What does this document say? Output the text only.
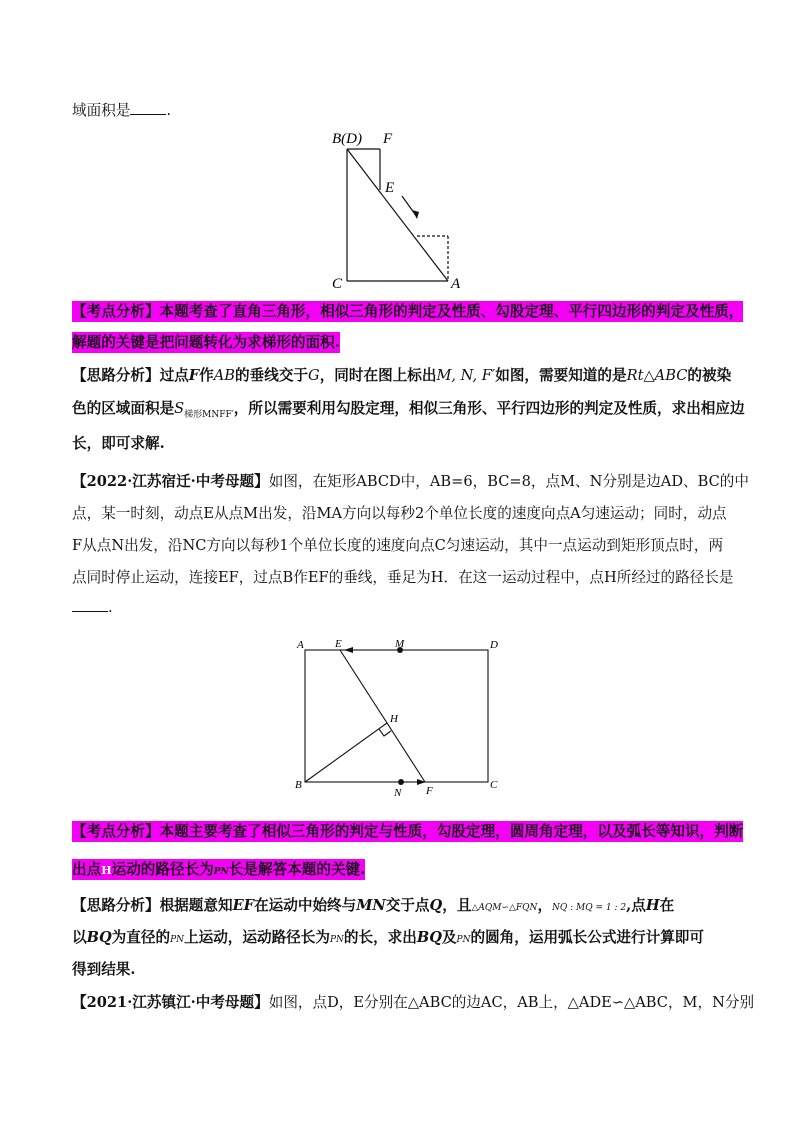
域面积是 .
B(D) F
E
C	A
【考点分析】本题考查了直角三角形，相似三角形的判定及性质、勾股定理、平行四边形的判定及性质，
解题的关键是把问题转化为求梯形的面积.
【思路分析】过点F作AB的垂线交于G，同时在图上标出M, N, F′如图，需要知道的是Rt△ABC的被染
色的区域面积是$S_{梯形MNFF'}$，所以需要利用勾股定理，相似三角形、平行四边形的判定及性质，求出相应边
长，即可求解.
【2022·江苏宿迁·中考母题】如图，在矩形ABCD中，AB=6，BC=8，点M、N分别是边AD、BC的中
点，某一时刻，动点E从点M出发，沿MA方向以每秒2个单位长度的速度向点A匀速运动；同时，动点
F从点N出发，沿NC方向以每秒1个单位长度的速度向点C匀速运动，其中一点运动到矩形顶点时，两
点同时停止运动，连接EF，过点B作EF的垂线，垂足为H．在这一运动过程中，点H所经过的路径长是
.
A	E	M	D
H
B
N F	C
【考点分析】本题主要考查了相似三角形的判定与性质，勾股定理，圆周角定理，以及弧长等知识，判断
出点H运动的路径长为PN长是解答本题的关键.
【思路分析】根据题意知EF在运动中始终与MN交于点Q，且△AQM∽△FQN，NQ : MQ = 1 : 2,点H在
以BQ为直径的PN上运动，运动路径长为PN的长，求出BQ及PN的圆角，运用弧长公式进行计算即可
得到结果.
【2021·江苏镇江·中考母题】如图，点D，E分别在△ABC的边AC，AB上，△ADE∽△ABC，M，N分别
